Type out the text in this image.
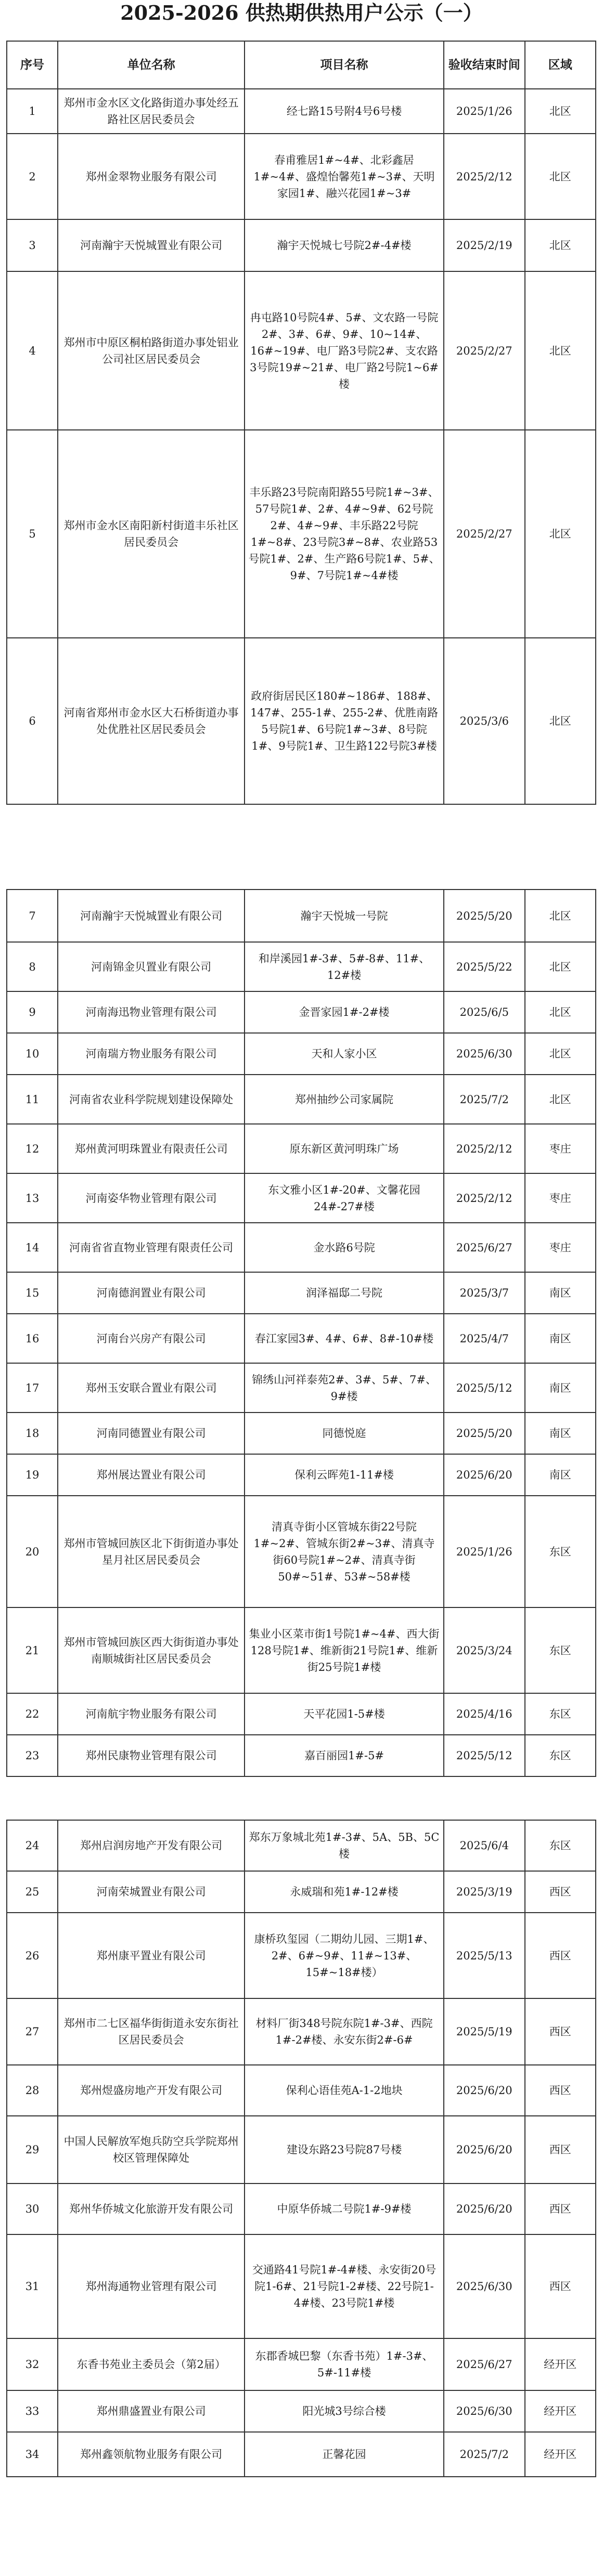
2025-2026 供热期供热用户公示（一）
序号	单位名称	项目名称	验收结束时间	区域
1	郑州市金水区文化路街道办事处经五路社区居民委员会	经七路15号附4号6号楼	2025/1/26	北区
2	郑州金翠物业服务有限公司	春甫雅居1#~4#、北彩鑫居1#~4#、盛煌怡馨苑1#~3#、天明家园1#、融兴花园1#~3#	2025/2/12	北区
3	河南瀚宇天悦城置业有限公司	瀚宇天悦城七号院2#-4#楼	2025/2/19	北区
4	郑州市中原区桐柏路街道办事处铝业公司社区居民委员会	冉屯路10号院4#、5#、文农路一号院2#、3#、6#、9#、10~14#、16#~19#、电厂路3号院2#、支农路3号院19#~21#、电厂路2号院1~6#楼	2025/2/27	北区
5	郑州市金水区南阳新村街道丰乐社区居民委员会	丰乐路23号院南阳路55号院1#~3#、57号院1#、2#、4#~9#、62号院2#、4#~9#、丰乐路22号院1#~8#、23号院3#~8#、农业路53号院1#、2#、生产路6号院1#、5#、9#、7号院1#~4#楼	2025/2/27	北区
6	河南省郑州市金水区大石桥街道办事处优胜社区居民委员会	政府街居民区180#~186#、188#、147#、255-1#、255-2#、优胜南路5号院1#、6号院1#~3#、8号院1#、9号院1#、卫生路122号院3#楼	2025/3/6	北区
7	河南瀚宇天悦城置业有限公司	瀚宇天悦城一号院	2025/5/20	北区
8	河南锦金贝置业有限公司	和岸溪园1#-3#、5#-8#、11#、12#楼	2025/5/22	北区
9	河南海迅物业管理有限公司	金晋家园1#-2#楼	2025/6/5	北区
10	河南瑞方物业服务有限公司	天和人家小区	2025/6/30	北区
11	河南省农业科学院规划建设保障处	郑州抽纱公司家属院	2025/7/2	北区
12	郑州黄河明珠置业有限责任公司	原东新区黄河明珠广场	2025/2/12	枣庄
13	河南姿华物业管理有限公司	东文雅小区1#-20#、文馨花园24#-27#楼	2025/2/12	枣庄
14	河南省省直物业管理有限责任公司	金水路6号院	2025/6/27	枣庄
15	河南德润置业有限公司	润泽福邸二号院	2025/3/7	南区
16	河南台兴房产有限公司	春江家园3#、4#、6#、8#-10#楼	2025/4/7	南区
17	郑州玉安联合置业有限公司	锦绣山河祥泰苑2#、3#、5#、7#、9#楼	2025/5/12	南区
18	河南同德置业有限公司	同德悦庭	2025/5/20	南区
19	郑州展达置业有限公司	保利云晖苑1-11#楼	2025/6/20	南区
20	郑州市管城回族区北下街街道办事处星月社区居民委员会	清真寺街小区管城东街22号院1#~2#、管城东街2#~3#、清真寺街60号院1#~2#、清真寺街50#~51#、53#~58#楼	2025/1/26	东区
21	郑州市管城回族区西大街街道办事处南顺城街社区居民委员会	集业小区菜市街1号院1#~4#、西大街128号院1#、维新街21号院1#、维新街25号院1#楼	2025/3/24	东区
22	河南航宇物业服务有限公司	天平花园1-5#楼	2025/4/16	东区
23	郑州民康物业管理有限公司	嘉百丽园1#-5#	2025/5/12	东区
24	郑州启润房地产开发有限公司	郑东万象城北苑1#-3#、5A、5B、5C楼	2025/6/4	东区
25	河南荣城置业有限公司	永威瑞和苑1#-12#楼	2025/3/19	西区
26	郑州康平置业有限公司	康桥玖玺园（二期幼儿园、三期1#、2#、6#~9#、11#~13#、15#~18#楼）	2025/5/13	西区
27	郑州市二七区福华街街道永安东街社区居民委员会	材料厂街348号院东院1#-3#、西院1#-2#楼、永安东街2#-6#	2025/5/19	西区
28	郑州煜盛房地产开发有限公司	保利心语佳苑A-1-2地块	2025/6/20	西区
29	中国人民解放军炮兵防空兵学院郑州校区管理保障处	建设东路23号院87号楼	2025/6/20	西区
30	郑州华侨城文化旅游开发有限公司	中原华侨城二号院1#-9#楼	2025/6/20	西区
31	郑州海通物业管理有限公司	交通路41号院1#-4#楼、永安街20号院1-6#、21号院1-2#楼、22号院1-4#楼、23号院1#楼	2025/6/30	西区
32	东香书苑业主委员会（第2届）	东郡香城巴黎（东香书苑）1#-3#、5#-11#楼	2025/6/27	经开区
33	郑州鼎盛置业有限公司	阳光城3号综合楼	2025/6/30	经开区
34	郑州鑫领航物业服务有限公司	正馨花园	2025/7/2	经开区
